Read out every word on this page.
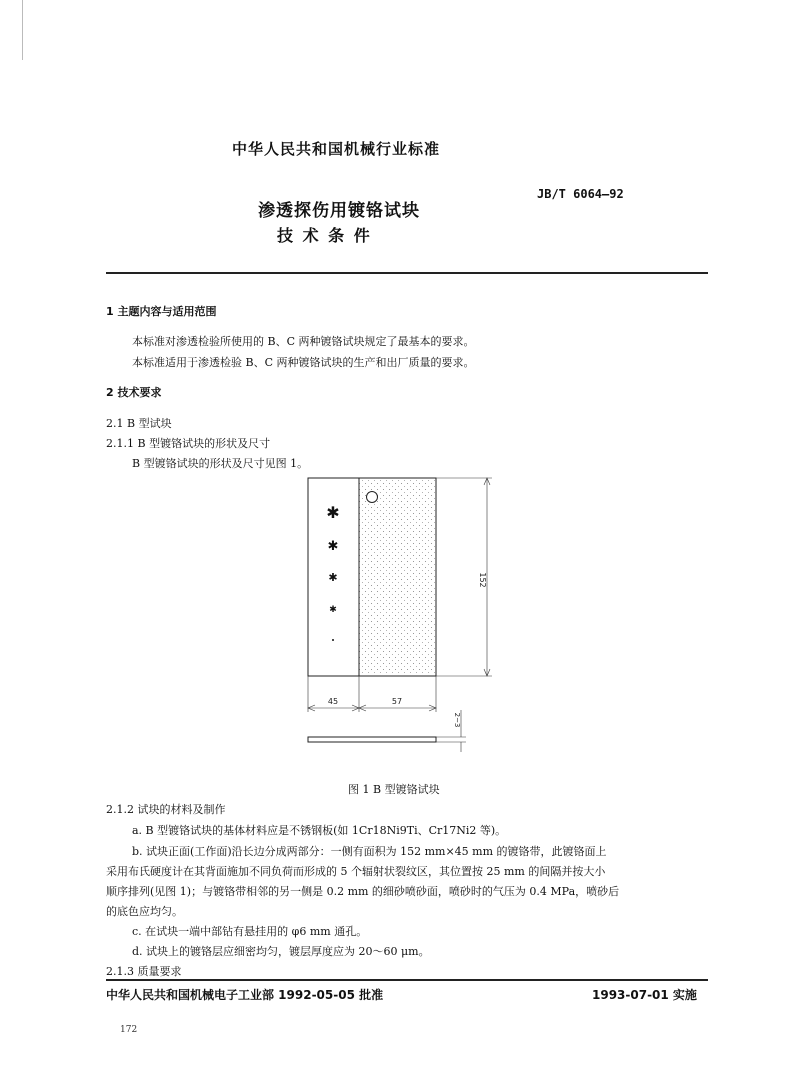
中华人民共和国机械行业标准
JB/T 6064—92
渗透探伤用镀铬试块
技 术 条 件
1 主题内容与适用范围
本标准对渗透检验所使用的 B、C 两种镀铬试块规定了最基本的要求。
本标准适用于渗透检验 B、C 两种镀铬试块的生产和出厂质量的要求。
2 技术要求
2.1 B 型试块
2.1.1 B 型镀铬试块的形状及尺寸
B 型镀铬试块的形状及尺寸见图 1。
✱
✱
✱
✱
152
45	57
2~3
图 1 B 型镀铬试块
2.1.2 试块的材料及制作
a. B 型镀铬试块的基体材料应是不锈钢板(如 1Cr18Ni9Ti、Cr17Ni2 等)。
b. 试块正面(工作面)沿长边分成两部分：一侧有面积为 152 mm×45 mm 的镀铬带，此镀铬面上
采用布氏硬度计在其背面施加不同负荷而形成的 5 个辐射状裂纹区，其位置按 25 mm 的间隔并按大小
顺序排列(见图 1)；与镀铬带相邻的另一侧是 0.2 mm 的细砂喷砂面，喷砂时的气压为 0.4 MPa，喷砂后
的底色应均匀。
c. 在试块一端中部钻有悬挂用的 φ6 mm 通孔。
d. 试块上的镀铬层应细密均匀，镀层厚度应为 20～60 μm。
2.1.3 质量要求
中华人民共和国机械电子工业部 1992-05-05 批准	1993-07-01 实施
172
